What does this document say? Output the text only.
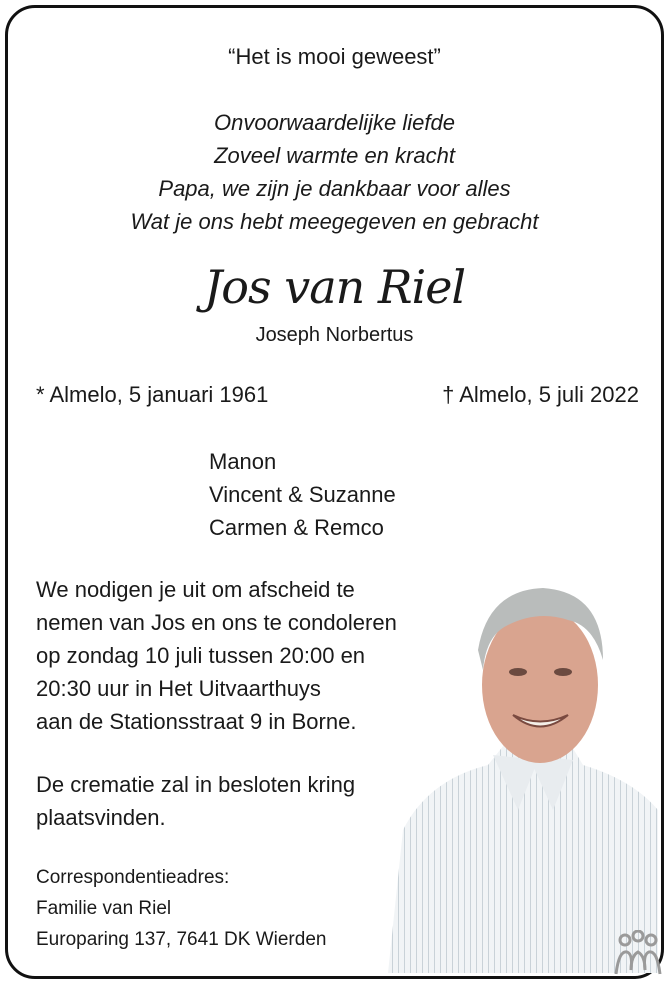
“Het is mooi geweest”
Onvoorwaardelijke liefde
Zoveel warmte en kracht
Papa, we zijn je dankbaar voor alles
Wat je ons hebt meegegeven en gebracht
Jos van Riel
Joseph Norbertus
* Almelo, 5 januari 1961	† Almelo, 5 juli 2022
Manon
Vincent & Suzanne
Carmen & Remco
We nodigen je uit om afscheid te
nemen van Jos en ons te condoleren
op zondag 10 juli tussen 20:00 en
20:30 uur in Het Uitvaarthuys
aan de Stationsstraat 9 in Borne.
De crematie zal in besloten kring
plaatsvinden.
Correspondentieadres:
Familie van Riel
Europaring 137, 7641 DK Wierden
